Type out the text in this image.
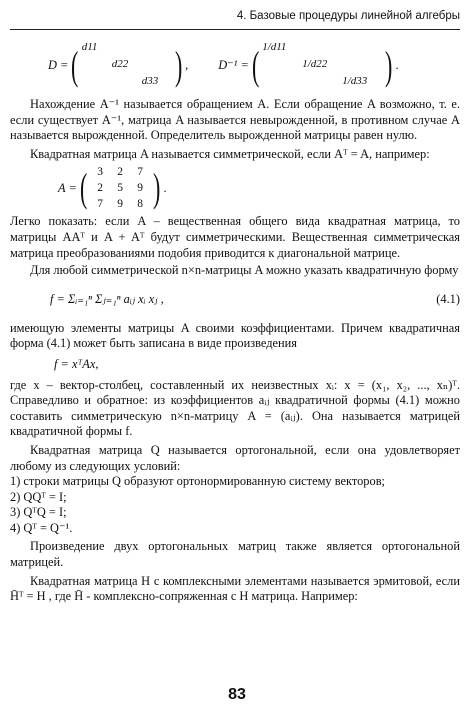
4. Базовые процедуры линейной алгебры
D = ( d11
d22
d33 ) , D⁻¹ = ( 1/d11
1/d22
1/d33 ) .

Нахождение A⁻¹ называется обращением A. Если обращение A возможно, т. е. если существует A⁻¹, матрица A называется невырожденной, в противном случае A называется вырожденной. Определитель вырожденной матрицы равен нулю.

Квадратная матрица A называется симметрической, если Aᵀ = A, например:

A = ( 3	2	7
2	5	9
7	9	8 ) .

Легко показать: если A – вещественная общего вида квадратная матрица, то матрицы AAᵀ и A + Aᵀ будут симметрическими. Вещественная симметрическая матрица преобразованиями подобия приводится к диагональной матрице.

Для любой симметрической n×n-матрицы A можно указать квадратичную форму

f = Σᵢ₌₁ⁿ Σⱼ₌₁ⁿ aᵢⱼ xᵢ xⱼ ,	(4.1)

имеющую элементы матрицы A своими коэффициентами. Причем квадратичная форма (4.1) может быть записана в виде произведения

f = xᵀAx,

где x – вектор-столбец, составленный их неизвестных xᵢ: x = (x₁, x₂, ..., xₙ)ᵀ. Справедливо и обратное: из коэффициентов aᵢⱼ квадратичной формы (4.1) можно составить симметрическую n×n-матрицу A = (aᵢⱼ). Она называется матрицей квадратичной формы f.

Квадратная матрица Q называется ортогональной, если она удовлетворяет любому из следующих условий:

1) строки матрицы Q образуют ортонормированную систему векторов;
2) QQᵀ = I;
3) QᵀQ = I;
4) Qᵀ = Q⁻¹.

Произведение двух ортогональных матриц также является ортогональной матрицей.

Квадратная матрица H с комплексными элементами называется эрмитовой, если H̄ᵀ = H , где H̄ - комплексно-сопряженная с H матрица. Например:

83
